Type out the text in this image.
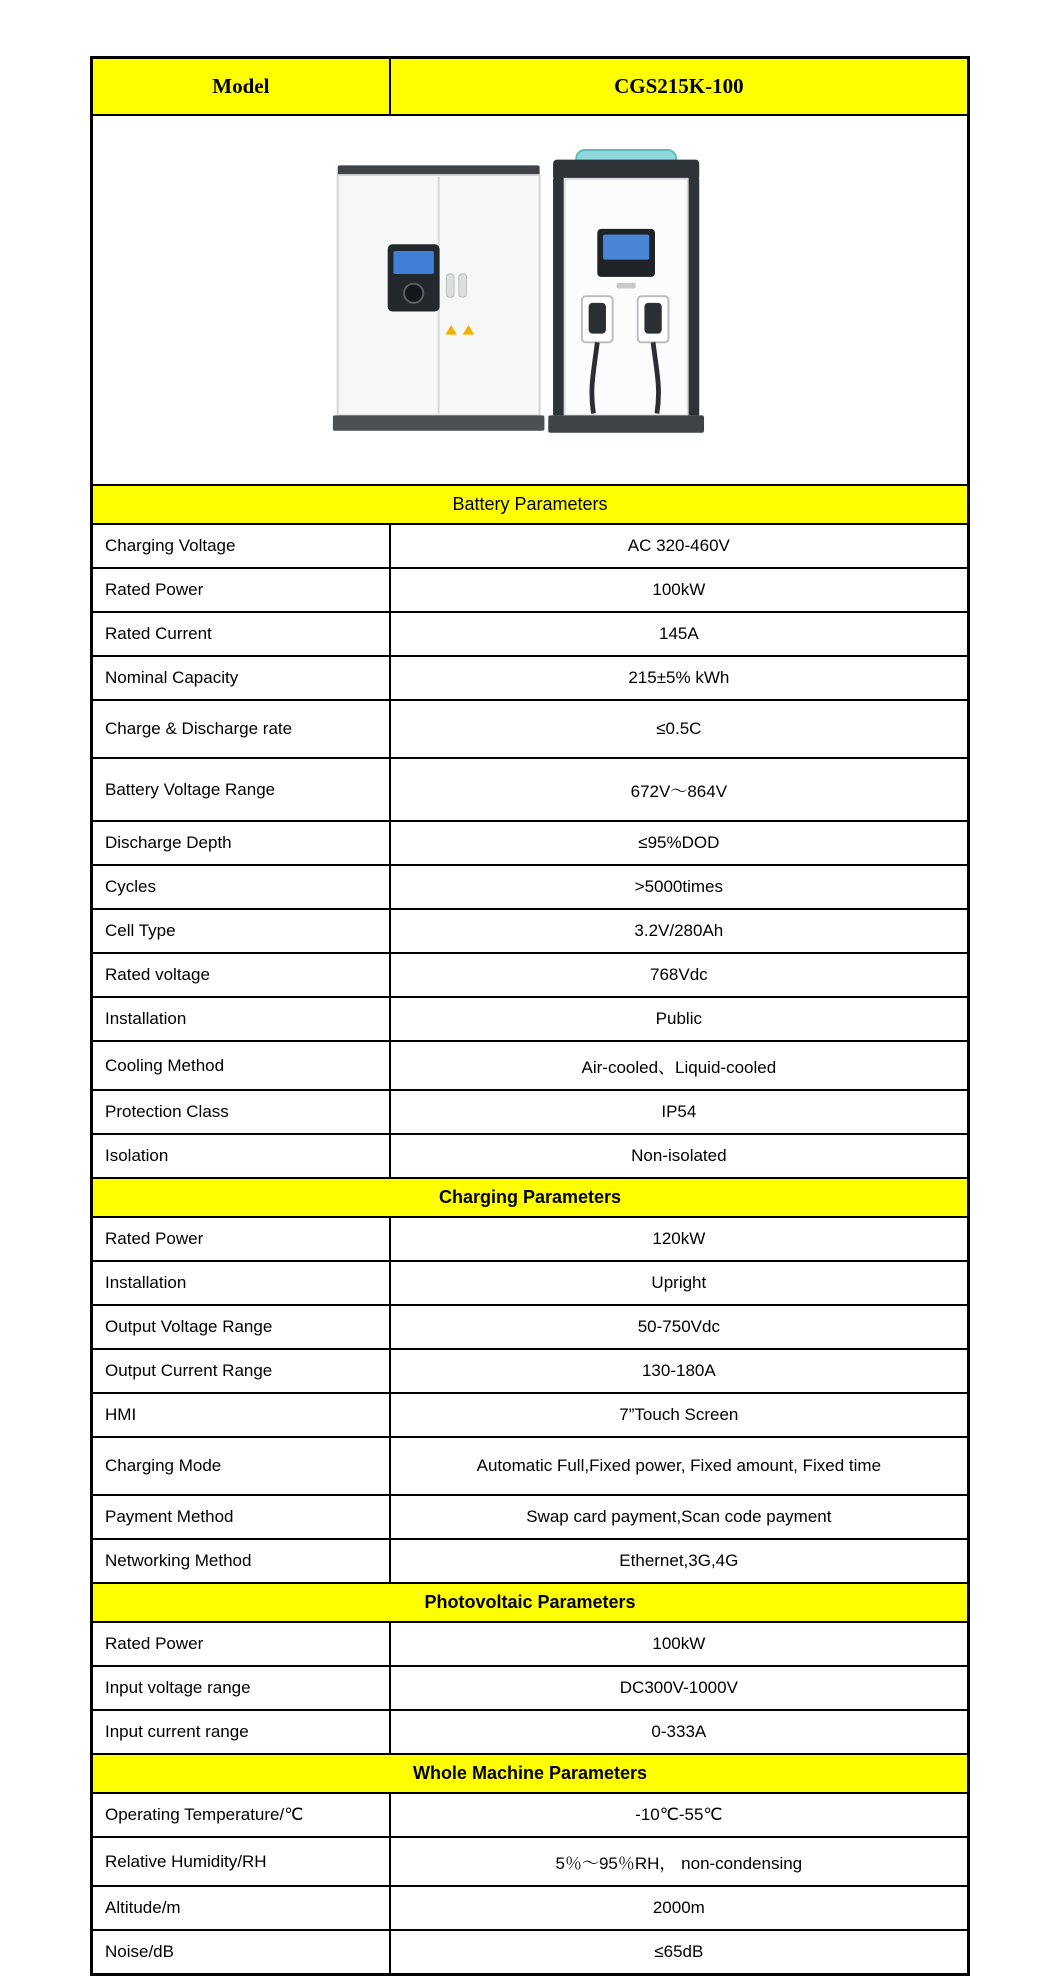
Model	CGS215K-100

Battery Parameters	
Charging Voltage	AC 320-460V
Rated Power	100kW
Rated Current	145A
Nominal Capacity	215±5% kWh
Charge & Discharge rate	≤0.5C
Battery Voltage Range	672V～864V
Discharge Depth	≤95%DOD
Cycles	>5000times
Cell Type	3.2V/280Ah
Rated voltage	768Vdc
Installation	Public
Cooling Method	Air-cooled、Liquid-cooled
Protection Class	IP54
Isolation	Non-isolated
Charging Parameters	
Rated Power	120kW
Installation	Upright
Output Voltage Range	50-750Vdc
Output Current Range	130-180A
HMI	7”Touch Screen
Charging Mode	Automatic Full,Fixed power, Fixed amount, Fixed time
Payment Method	Swap card payment,Scan code payment
Networking Method	Ethernet,3G,4G
Photovoltaic Parameters	
Rated Power	100kW
Input voltage range	DC300V-1000V
Input current range	0-333A
Whole Machine Parameters	
Operating Temperature/℃	-10℃-55℃
Relative Humidity/RH	5％～95％RH， non-condensing
Altitude/m	2000m
Noise/dB	≤65dB
